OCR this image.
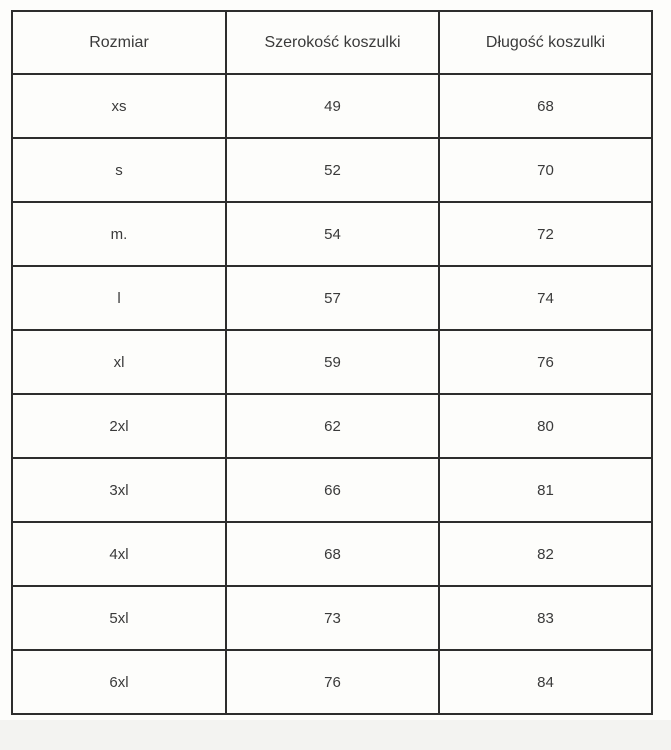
Rozmiar	Szerokość koszulki	Długość koszulki
xs	49	68
s	52	70
m.	54	72
l	57	74
xl	59	76
2xl	62	80
3xl	66	81
4xl	68	82
5xl	73	83
6xl	76	84
